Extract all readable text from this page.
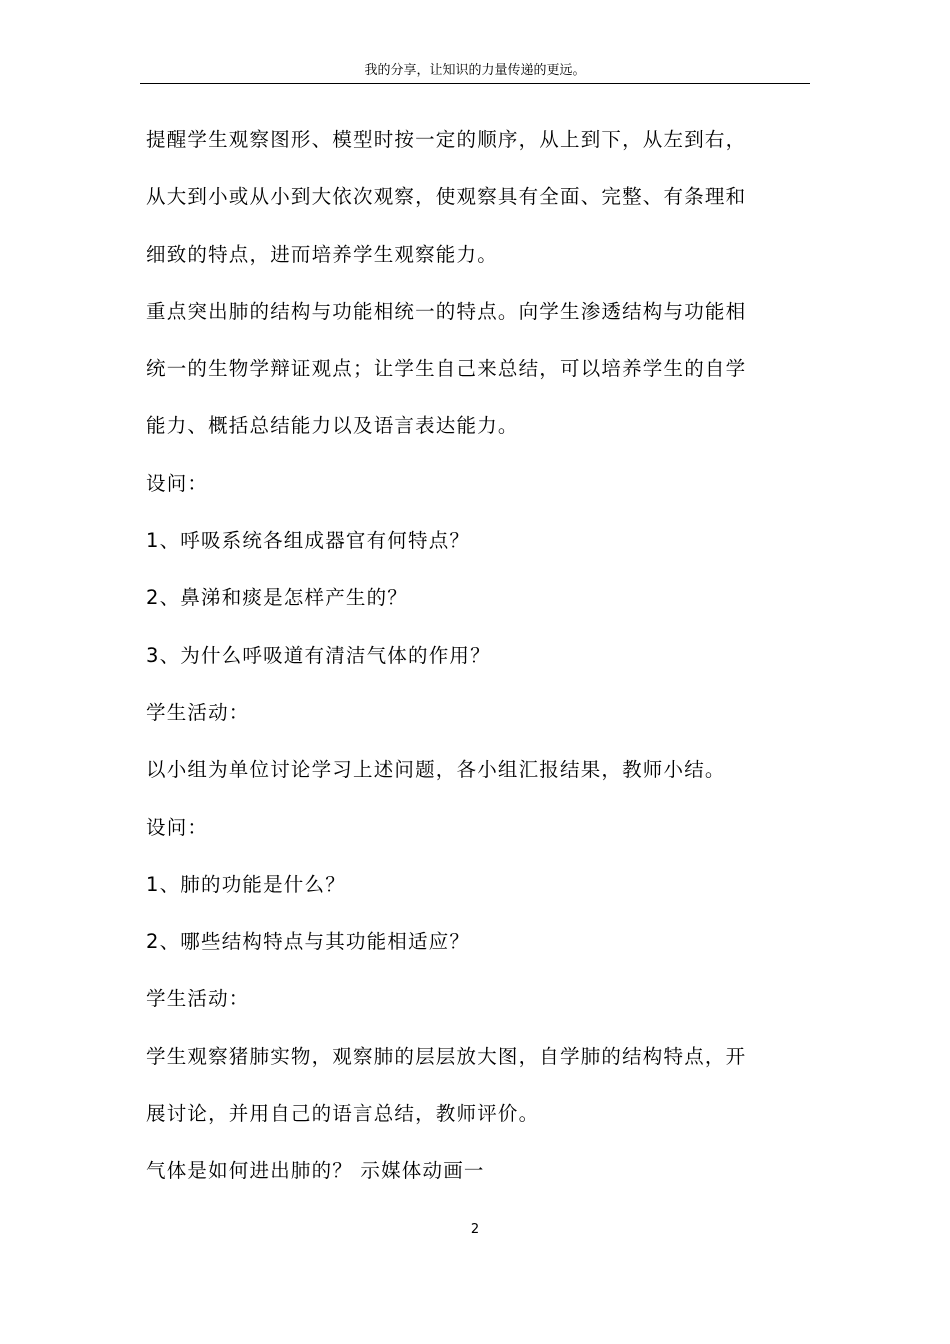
我的分享，让知识的力量传递的更远。
提醒学生观察图形、模型时按一定的顺序，从上到下，从左到右，
从大到小或从小到大依次观察，使观察具有全面、完整、有条理和
细致的特点，进而培养学生观察能力。
重点突出肺的结构与功能相统一的特点。向学生渗透结构与功能相
统一的生物学辩证观点；让学生自己来总结，可以培养学生的自学
能力、概括总结能力以及语言表达能力。
设问：
1、呼吸系统各组成器官有何特点？
2、鼻涕和痰是怎样产生的？
3、为什么呼吸道有清洁气体的作用？
学生活动：
以小组为单位讨论学习上述问题，各小组汇报结果，教师小结。
设问：
1、肺的功能是什么？
2、哪些结构特点与其功能相适应？
学生活动：
学生观察猪肺实物，观察肺的层层放大图，自学肺的结构特点，开
展讨论，并用自己的语言总结，教师评价。
气体是如何进出肺的？ 示媒体动画一
2
